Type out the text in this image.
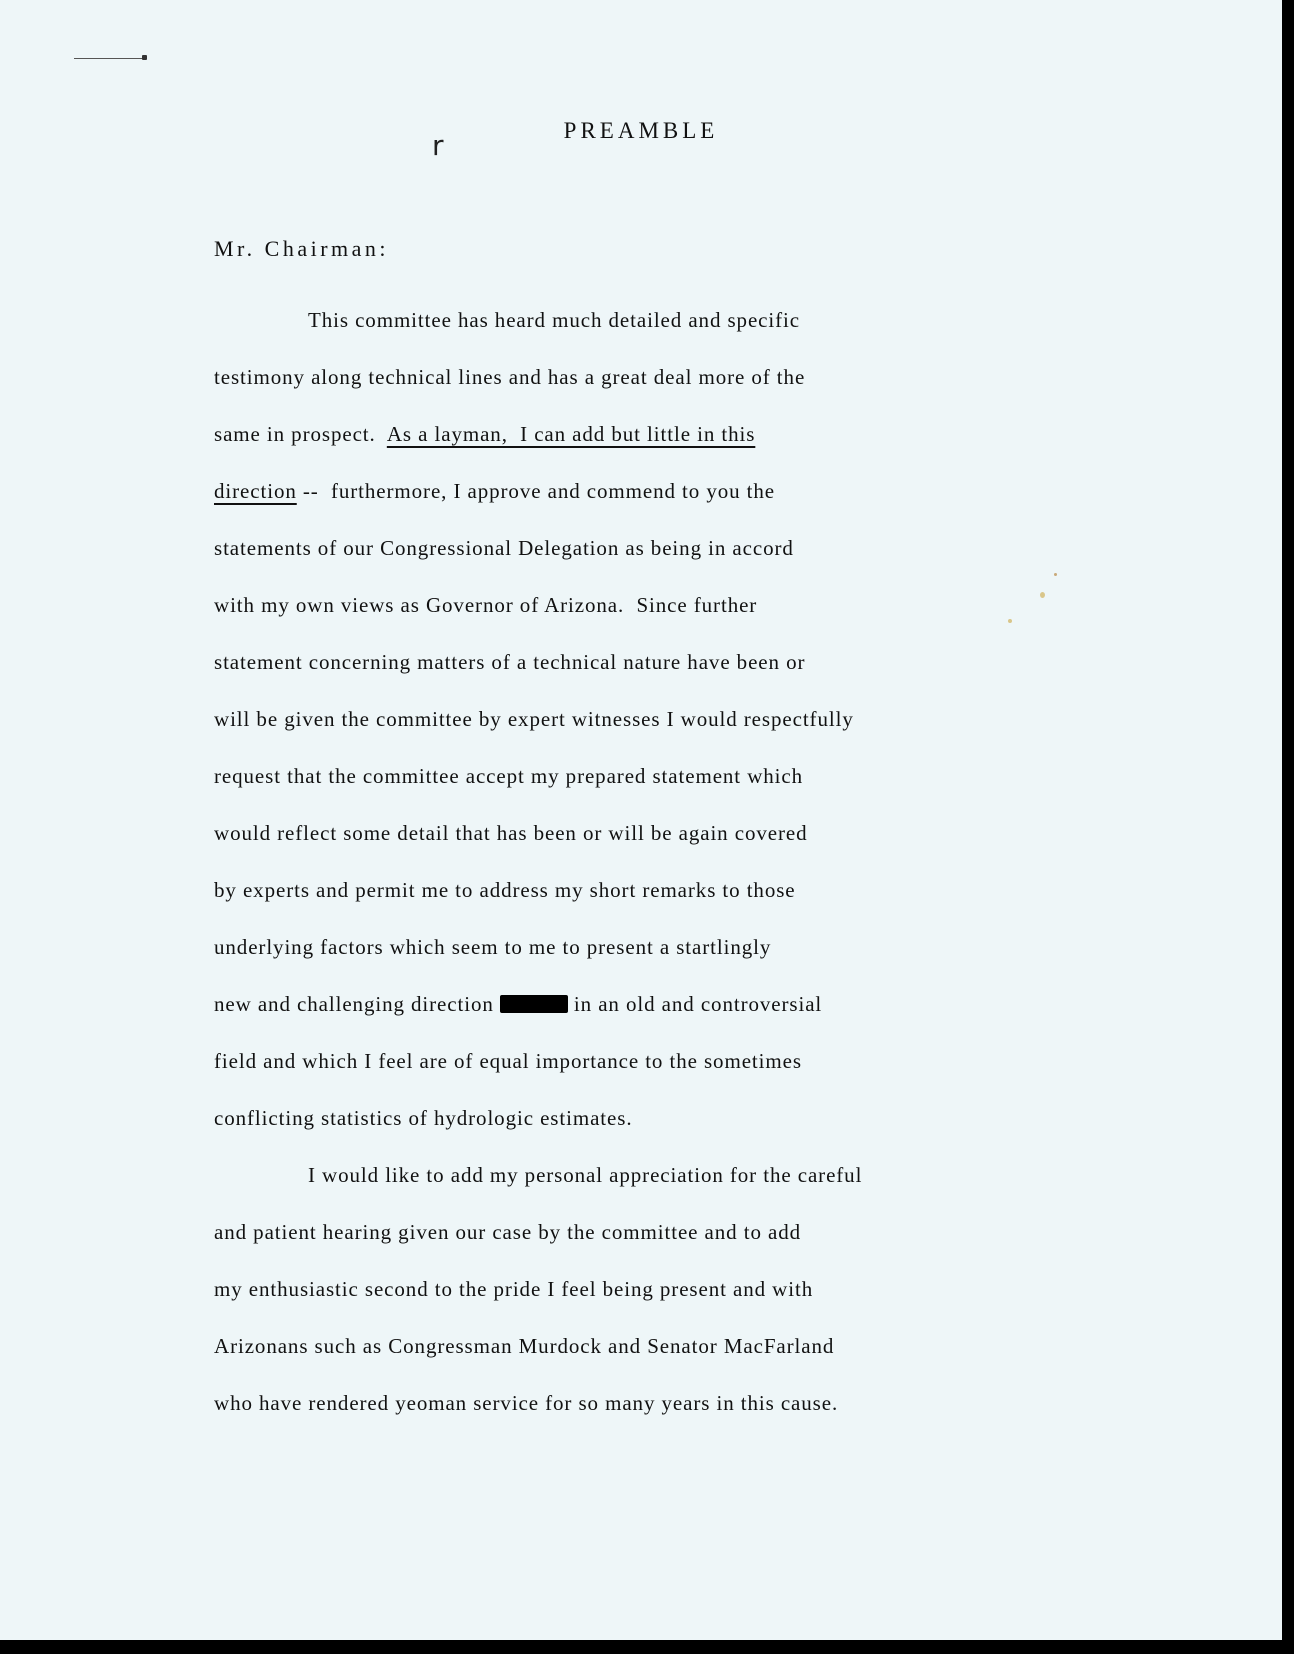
r	PREAMBLE
Mr. Chairman:
This committee has heard much detailed and specific
testimony along technical lines and has a great deal more of the
same in prospect.  As a layman,  I can add but little in this
direction --  furthermore, I approve and commend to you the
statements of our Congressional Delegation as being in accord
with my own views as Governor of Arizona.  Since further
statement concerning matters of a technical nature have been or
will be given the committee by expert witnesses I would respectfully
request that the committee accept my prepared statement which
would reflect some detail that has been or will be again covered
by experts and permit me to address my short remarks to those
underlying factors which seem to me to present a startlingly
new and challenging direction	in an old and controversial
field and which I feel are of equal importance to the sometimes
conflicting statistics of hydrologic estimates.
I would like to add my personal appreciation for the careful
and patient hearing given our case by the committee and to add
my enthusiastic second to the pride I feel being present and with
Arizonans such as Congressman Murdock and Senator MacFarland
who have rendered yeoman service for so many years in this cause.
